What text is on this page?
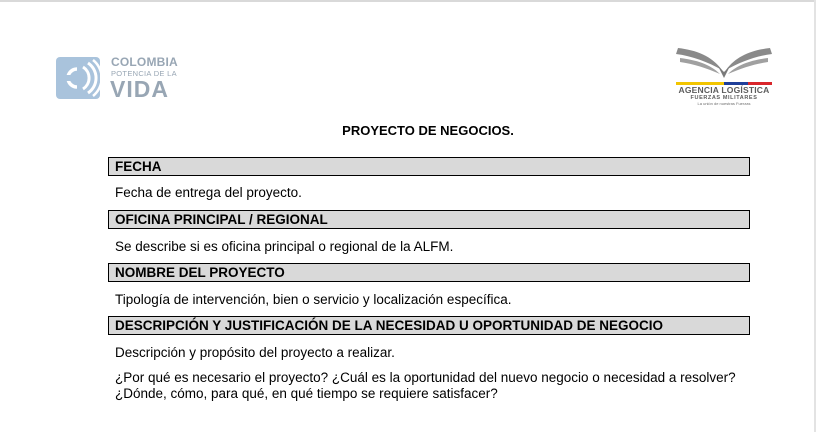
COLOMBIA
POTENCIA DE LA
VIDA	AGENCIA LOGÍSTICA
FUERZAS MILITARES
La unión de nuestras Fuerzas
PROYECTO DE NEGOCIOS.
FECHA
Fecha de entrega del proyecto.
OFICINA PRINCIPAL / REGIONAL
Se describe si es oficina principal o regional de la ALFM.
NOMBRE DEL PROYECTO
Tipología de intervención, bien o servicio y localización específica.
DESCRIPCIÓN Y JUSTIFICACIÓN DE LA NECESIDAD U OPORTUNIDAD DE NEGOCIO
Descripción y propósito del proyecto a realizar.
¿Por qué es necesario el proyecto? ¿Cuál es la oportunidad del nuevo negocio o necesidad a resolver? ¿Dónde, cómo, para qué, en qué tiempo se requiere satisfacer?
